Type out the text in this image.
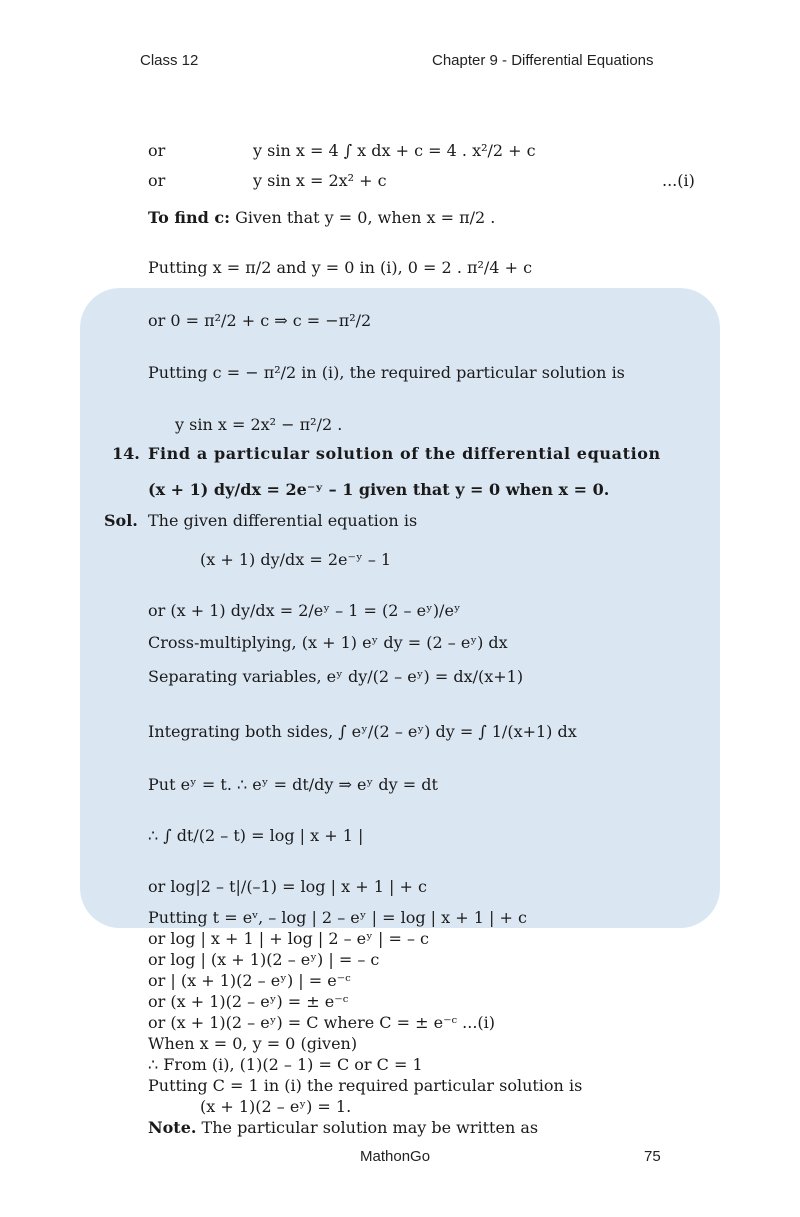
Class 12	Chapter 9 - Differential Equations
or	y sin x = 4 ∫ x dx + c = 4 . x²/2 + c
or	y sin x = 2x² + c	...(i)
To find c: Given that y = 0, when x = π/2 .
Putting x = π/2 and y = 0 in (i), 0 = 2 . π²/4 + c
or 0 = π²/2 + c ⇒ c = −π²/2
Putting c = − π²/2 in (i), the required particular solution is
y sin x = 2x² − π²/2 .
14. Find a particular solution of the differential equation
(x + 1) dy/dx = 2e⁻ʸ – 1 given that y = 0 when x = 0.
Sol. The given differential equation is
(x + 1) dy/dx = 2e⁻ʸ – 1
or (x + 1) dy/dx = 2/eʸ – 1 = (2 – eʸ)/eʸ
Cross-multiplying, (x + 1) eʸ dy = (2 – eʸ) dx
Separating variables, eʸ dy/(2 – eʸ) = dx/(x+1)
Integrating both sides, ∫ eʸ/(2 – eʸ) dy = ∫ 1/(x+1) dx
Put eʸ = t. ∴ eʸ = dt/dy ⇒ eʸ dy = dt
∴ ∫ dt/(2 – t) = log | x + 1 |
or log|2 – t|/(–1) = log | x + 1 | + c
Putting t = eᵛ, – log | 2 – eʸ | = log | x + 1 | + c
or log | x + 1 | + log | 2 – eʸ | = – c
or log | (x + 1)(2 – eʸ) | = – c
or | (x + 1)(2 – eʸ) | = e⁻ᶜ
or (x + 1)(2 – eʸ) = ± e⁻ᶜ
or (x + 1)(2 – eʸ) = C where C = ± e⁻ᶜ ...(i)
When x = 0, y = 0 (given)
∴ From (i), (1)(2 – 1) = C or C = 1
Putting C = 1 in (i) the required particular solution is
(x + 1)(2 – eʸ) = 1.
Note. The particular solution may be written as
MathonGo	75
